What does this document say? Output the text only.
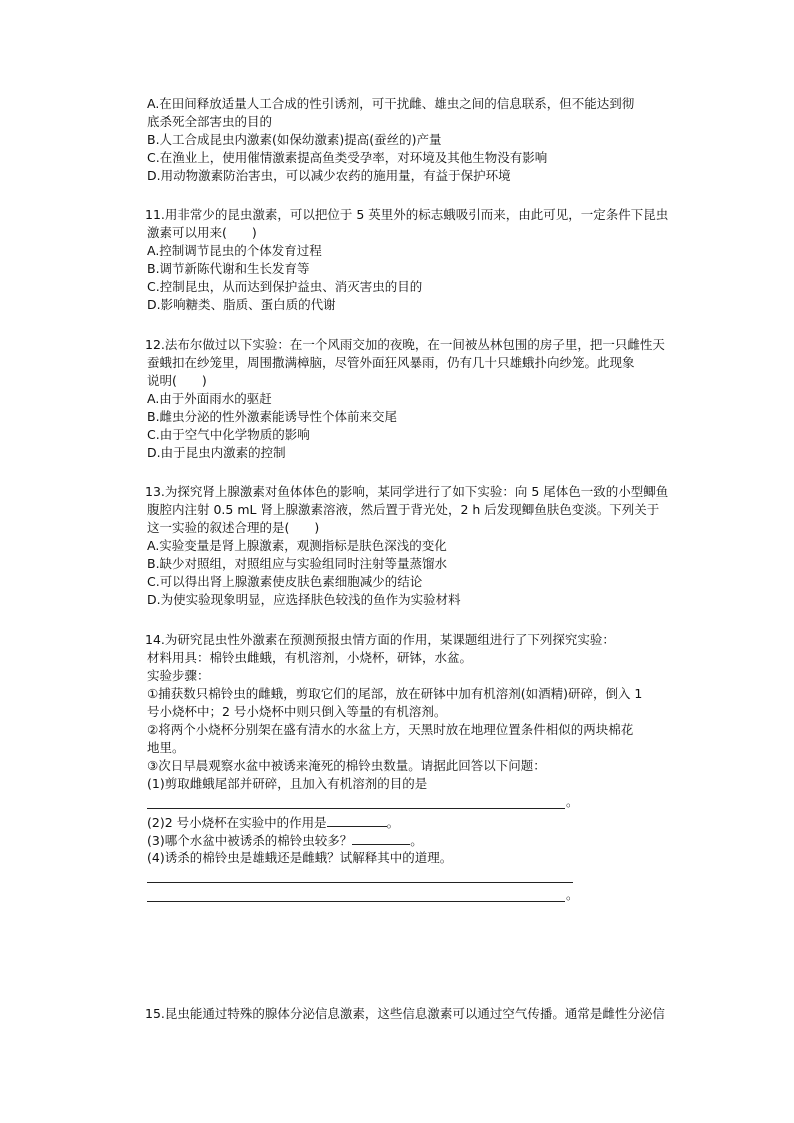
A.在田间释放适量人工合成的性引诱剂，可干扰雌、雄虫之间的信息联系，但不能达到彻
底杀死全部害虫的目的
B.人工合成昆虫内激素(如保幼激素)提高(蚕丝的)产量
C.在渔业上，使用催情激素提高鱼类受孕率，对环境及其他生物没有影响
D.用动物激素防治害虫，可以减少农药的施用量，有益于保护环境
11.用非常少的昆虫激素，可以把位于 5 英里外的标志蛾吸引而来，由此可见，一定条件下昆虫
激素可以用来(　　)
A.控制调节昆虫的个体发育过程
B.调节新陈代谢和生长发育等
C.控制昆虫，从而达到保护益虫、消灭害虫的目的
D.影响糖类、脂质、蛋白质的代谢
12.法布尔做过以下实验：在一个风雨交加的夜晚，在一间被丛林包围的房子里，把一只雌性天
蚕蛾扣在纱笼里，周围撒满樟脑，尽管外面狂风暴雨，仍有几十只雄蛾扑向纱笼。此现象
说明(　　)
A.由于外面雨水的驱赶
B.雌虫分泌的性外激素能诱导性个体前来交尾
C.由于空气中化学物质的影响
D.由于昆虫内激素的控制
13.为探究肾上腺激素对鱼体体色的影响，某同学进行了如下实验：向 5 尾体色一致的小型鲫鱼
腹腔内注射 0.5 mL 肾上腺激素溶液，然后置于背光处，2 h 后发现鲫鱼肤色变淡。下列关于
这一实验的叙述合理的是(　　)
A.实验变量是肾上腺激素，观测指标是肤色深浅的变化
B.缺少对照组，对照组应与实验组同时注射等量蒸馏水
C.可以得出肾上腺激素使皮肤色素细胞减少的结论
D.为使实验现象明显，应选择肤色较浅的鱼作为实验材料
14.为研究昆虫性外激素在预测预报虫情方面的作用，某课题组进行了下列探究实验：
材料用具：棉铃虫雌蛾，有机溶剂，小烧杯，研钵，水盆。
实验步骤：
①捕获数只棉铃虫的雌蛾，剪取它们的尾部，放在研钵中加有机溶剂(如酒精)研碎，倒入 1
号小烧杯中；2 号小烧杯中则只倒入等量的有机溶剂。
②将两个小烧杯分别架在盛有清水的水盆上方，天黑时放在地理位置条件相似的两块棉花
地里。
③次日早晨观察水盆中被诱来淹死的棉铃虫数量。请据此回答以下问题：
(1)剪取雌蛾尾部并研碎，且加入有机溶剂的目的是
。
(2)2 号小烧杯在实验中的作用是	。
(3)哪个水盆中被诱杀的棉铃虫较多？	。
(4)诱杀的棉铃虫是雄蛾还是雌蛾？试解释其中的道理。
。
15.昆虫能通过特殊的腺体分泌信息激素，这些信息激素可以通过空气传播。通常是雌性分泌信
